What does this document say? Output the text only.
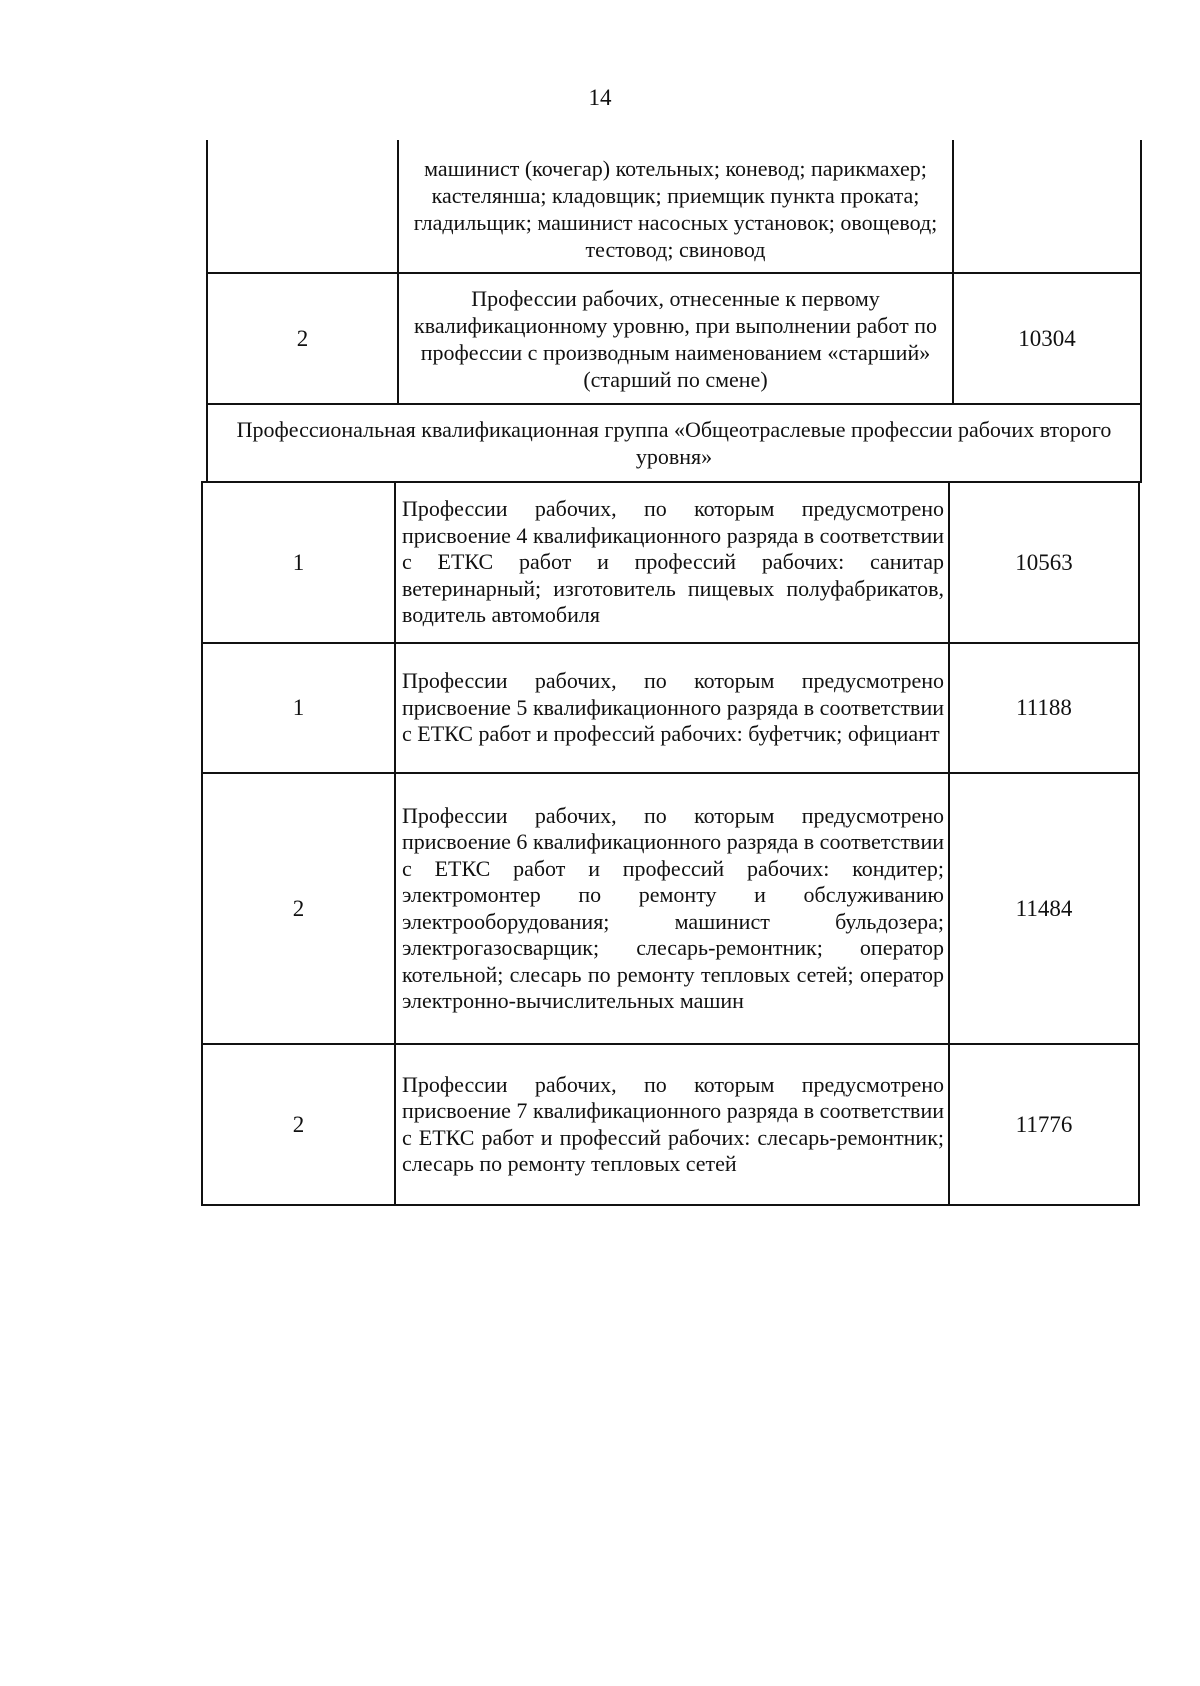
14
машинист (кочегар) котельных; коневод; парикмахер; кастелянша; кладовщик; приемщик пункта проката; гладильщик; машинист насосных установок; овощевод; тестовод; свиновод
2
Профессии рабочих, отнесенные к первому квалификационному уровню, при выполнении работ по профессии с производным наименованием «старший» (старший по смене)
10304
Профессиональная квалификационная группа «Общеотраслевые профессии рабочих второго уровня»
1
Профессии рабочих, по которым предусмотрено присвоение 4 квалификационного разряда в соответствии с ЕТКС работ и профессий рабочих: санитар ветеринарный; изготовитель пищевых полуфабрикатов, водитель автомобиля
10563
1
Профессии рабочих, по которым предусмотрено присвоение 5 квалификационного разряда в соответствии с ЕТКС работ и профессий рабочих: буфетчик; официант
11188
2
Профессии рабочих, по которым предусмотрено присвоение 6 квалификационного разряда в соответствии с ЕТКС работ и профессий рабочих: кондитер; электромонтер по ремонту и обслуживанию электрооборудования; машинист бульдозера; электрогазосварщик; слесарь-ремонтник; оператор котельной; слесарь по ремонту тепловых сетей; оператор электронно-вычислительных машин
11484
2
Профессии рабочих, по которым предусмотрено присвоение 7 квалификационного разряда в соответствии с ЕТКС работ и профессий рабочих: слесарь-ремонтник; слесарь по ремонту тепловых сетей
11776
